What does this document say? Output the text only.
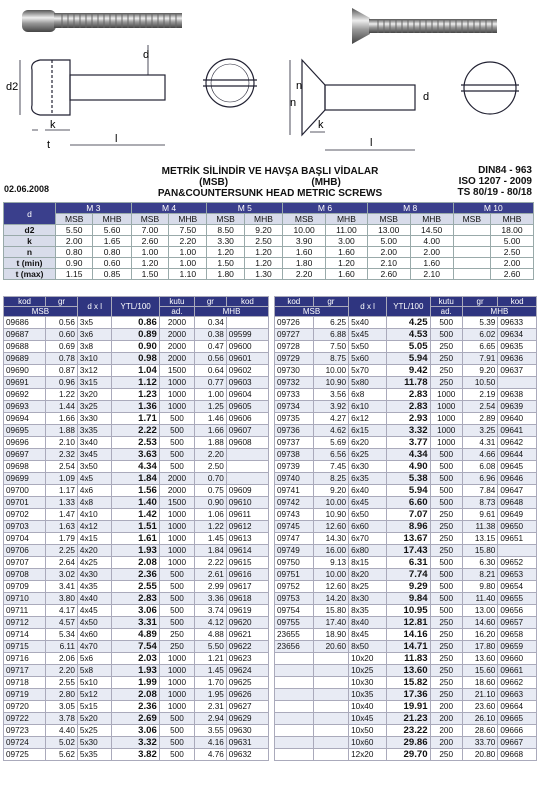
d2
d
k
t	l
n
n
d
k
l
METRİK SİLİNDİR VE HAVŞA BAŞLI VİDALAR
(MSB)                              (MHB)
PAN&COUNTERSUNK HEAD METRIC SCREWS
02.06.2008
DIN84 - 963
ISO 1207 - 2009
TS 80/19 - 80/18
d	M 3		M 4		M 5		M 6		M 8		M 10	
	MSB	MHB	MSB	MHB	MSB	MHB	MSB	MHB	MSB	MHB	MSB	MHB
d2	5.50	5.60	7.00	7.50	8.50	9.20	10.00	11.00	13.00	14.50		18.00
k	2.00	1.65	2.60	2.20	3.30	2.50	3.90	3.00	5.00	4.00		5.00
n	0.80	0.80	1.00	1.00	1.20	1.20	1.60	1.60	2.00	2.00		2.50
t (min)	0.90	0.60	1.20	1.00	1.50	1.20	1.80	1.20	2.10	1.60		2.00
t (max)	1.15	0.85	1.50	1.10	1.80	1.30	2.20	1.60	2.60	2.10		2.60
kod	gr	d x l	YTL/100	kutu	gr	kod
MSB				ad.	MHB	
09686	0.56	3x5	0.86	2000	0.34	
09687	0.60	3x6	0.89	2000	0.38	09599
09688	0.69	3x8	0.90	2000	0.47	09600
09689	0.78	3x10	0.98	2000	0.56	09601
09690	0.87	3x12	1.04	1500	0.64	09602
09691	0.96	3x15	1.12	1000	0.77	09603
09692	1.22	3x20	1.23	1000	1.00	09604
09693	1.44	3x25	1.36	1000	1.25	09605
09694	1.66	3x30	1.71	500	1.46	09606
09695	1.88	3x35	2.22	500	1.66	09607
09696	2.10	3x40	2.53	500	1.88	09608
09697	2.32	3x45	3.63	500	2.20	
09698	2.54	3x50	4.34	500	2.50	
09699	1.09	4x5	1.84	2000	0.70	
09700	1.17	4x6	1.56	2000	0.75	09609
09701	1.33	4x8	1.40	1500	0.90	09610
09702	1.47	4x10	1.42	1000	1.06	09611
09703	1.63	4x12	1.51	1000	1.22	09612
09704	1.79	4x15	1.61	1000	1.45	09613
09706	2.25	4x20	1.93	1000	1.84	09614
09707	2.64	4x25	2.08	1000	2.22	09615
09708	3.02	4x30	2.36	500	2.61	09616
09709	3.41	4x35	2.55	500	2.99	09617
09710	3.80	4x40	2.83	500	3.36	09618
09711	4.17	4x45	3.06	500	3.74	09619
09712	4.57	4x50	3.31	500	4.12	09620
09714	5.34	4x60	4.89	250	4.88	09621
09715	6.11	4x70	7.54	250	5.50	09622
09716	2.06	5x6	2.03	1000	1.21	09623
09717	2.20	5x8	1.93	1000	1.45	09624
09718	2.55	5x10	1.99	1000	1.70	09625
09719	2.80	5x12	2.08	1000	1.95	09626
09720	3.05	5x15	2.36	1000	2.31	09627
09722	3.78	5x20	2.69	500	2.94	09629
09723	4.40	5x25	3.06	500	3.55	09630
09724	5.02	5x30	3.32	500	4.16	09631
09725	5.62	5x35	3.82	500	4.76	09632
kod	gr	d x l	YTL/100	kutu	gr	kod
MSB				ad.	MHB	
09726	6.25	5x40	4.25	500	5.39	09633
09727	6.88	5x45	4.53	500	6.02	09634
09728	7.50	5x50	5.05	250	6.65	09635
09729	8.75	5x60	5.94	250	7.91	09636
09730	10.00	5x70	9.42	250	9.20	09637
09732	10.90	5x80	11.78	250	10.50	
09733	3.56	6x8	2.83	1000	2.19	09638
09734	3.92	6x10	2.83	1000	2.54	09639
09735	4.27	6x12	2.93	1000	2.89	09640
09736	4.62	6x15	3.32	1000	3.25	09641
09737	5.69	6x20	3.77	1000	4.31	09642
09738	6.56	6x25	4.34	500	4.66	09644
09739	7.45	6x30	4.90	500	6.08	09645
09740	8.25	6x35	5.38	500	6.96	09646
09741	9.20	6x40	5.94	500	7.84	09647
09742	10.00	6x45	6.60	500	8.73	09648
09743	10.90	6x50	7.07	250	9.61	09649
09745	12.60	6x60	8.96	250	11.38	09650
09747	14.30	6x70	13.67	250	13.15	09651
09749	16.00	6x80	17.43	250	15.80	
09750	9.13	8x15	6.31	500	6.30	09652
09751	10.00	8x20	7.74	500	8.21	09653
09752	12.60	8x25	9.29	500	9.80	09654
09753	14.20	8x30	9.84	500	11.40	09655
09754	15.80	8x35	10.95	500	13.00	09656
09755	17.40	8x40	12.81	250	14.60	09657
23655	18.90	8x45	14.16	250	16.20	09658
23656	20.60	8x50	14.71	250	17.80	09659
		10x20	11.83	250	13.60	09660
		10x25	13.60	250	15.60	09661
		10x30	15.82	250	18.60	09662
		10x35	17.36	250	21.10	09663
		10x40	19.91	200	23.60	09664
		10x45	21.23	200	26.10	09665
		10x50	23.22	200	28.60	09666
		10x60	29.86	200	33.70	09667
		12x20	29.70	250	20.80	09668
